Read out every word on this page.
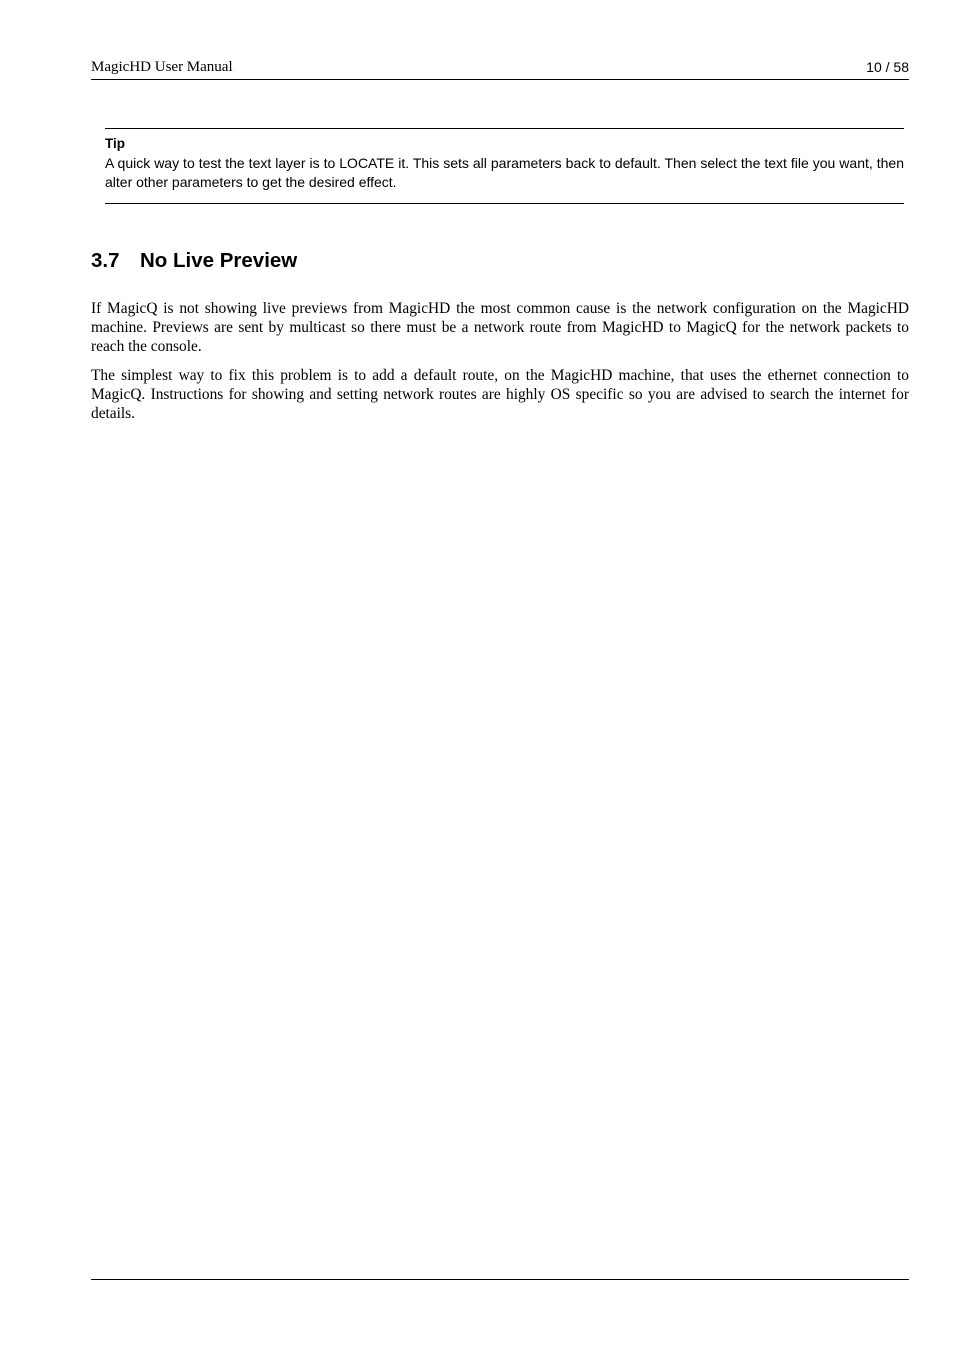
MagicHD User Manual	10 / 58
Tip

A quick way to test the text layer is to LOCATE it. This sets all parameters back to default. Then select the text file you want, then alter other parameters to get the desired effect.

3.7 No Live Preview

If MagicQ is not showing live previews from MagicHD the most common cause is the network configuration on the MagicHD machine. Previews are sent by multicast so there must be a network route from MagicHD to MagicQ for the network packets to reach the console.

The simplest way to fix this problem is to add a default route, on the MagicHD machine, that uses the ethernet connection to MagicQ. Instructions for showing and setting network routes are highly OS specific so you are advised to search the internet for details.
